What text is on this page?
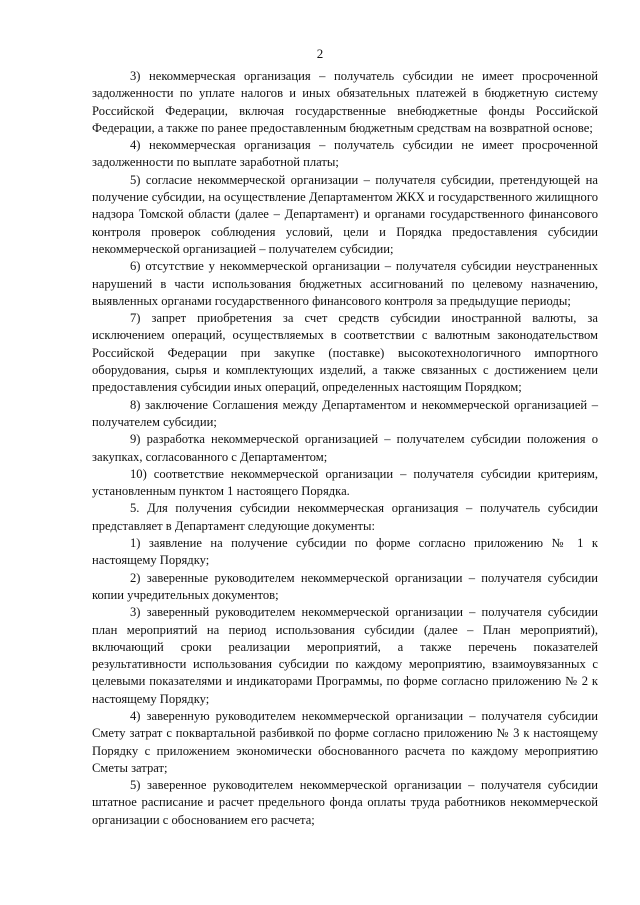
2

3) некоммерческая организация – получатель субсидии не имеет просроченной задолженности по уплате налогов и иных обязательных платежей в бюджетную систему Российской Федерации, включая государственные внебюджетные фонды Российской Федерации, а также по ранее предоставленным бюджетным средствам на возвратной основе;

4) некоммерческая организация – получатель субсидии не имеет просроченной задолженности по выплате заработной платы;

5) согласие некоммерческой организации – получателя субсидии, претендующей на получение субсидии, на осуществление Департаментом ЖКХ и государственного жилищного надзора Томской области (далее – Департамент) и органами государственного финансового контроля проверок соблюдения условий, цели и Порядка предоставления субсидии некоммерческой организацией – получателем субсидии;

6) отсутствие у некоммерческой организации – получателя субсидии неустраненных нарушений в части использования бюджетных ассигнований по целевому назначению, выявленных органами государственного финансового контроля за предыдущие периоды;

7) запрет приобретения за счет средств субсидии иностранной валюты, за исключением операций, осуществляемых в соответствии с валютным законодательством Российской Федерации при закупке (поставке) высокотехнологичного импортного оборудования, сырья и комплектующих изделий, а также связанных с достижением цели предоставления субсидии иных операций, определенных настоящим Порядком;

8) заключение Соглашения между Департаментом и некоммерческой организацией – получателем субсидии;

9) разработка некоммерческой организацией – получателем субсидии положения о закупках, согласованного с Департаментом;

10) соответствие некоммерческой организации – получателя субсидии критериям, установленным пунктом 1 настоящего Порядка.

5. Для получения субсидии некоммерческая организация – получатель субсидии представляет в Департамент следующие документы:

1) заявление на получение субсидии по форме согласно приложению № 1 к настоящему Порядку;

2) заверенные руководителем некоммерческой организации – получателя субсидии копии учредительных документов;

3) заверенный руководителем некоммерческой организации – получателя субсидии план мероприятий на период использования субсидии (далее – План мероприятий), включающий сроки реализации мероприятий, а также перечень показателей результативности использования субсидии по каждому мероприятию, взаимоувязанных с целевыми показателями и индикаторами Программы, по форме согласно приложению № 2 к настоящему Порядку;

4) заверенную руководителем некоммерческой организации – получателя субсидии Смету затрат с поквартальной разбивкой по форме согласно приложению № 3 к настоящему Порядку с приложением экономически обоснованного расчета по каждому мероприятию Сметы затрат;

5) заверенное руководителем некоммерческой организации – получателя субсидии штатное расписание и расчет предельного фонда оплаты труда работников некоммерческой организации с обоснованием его расчета;
